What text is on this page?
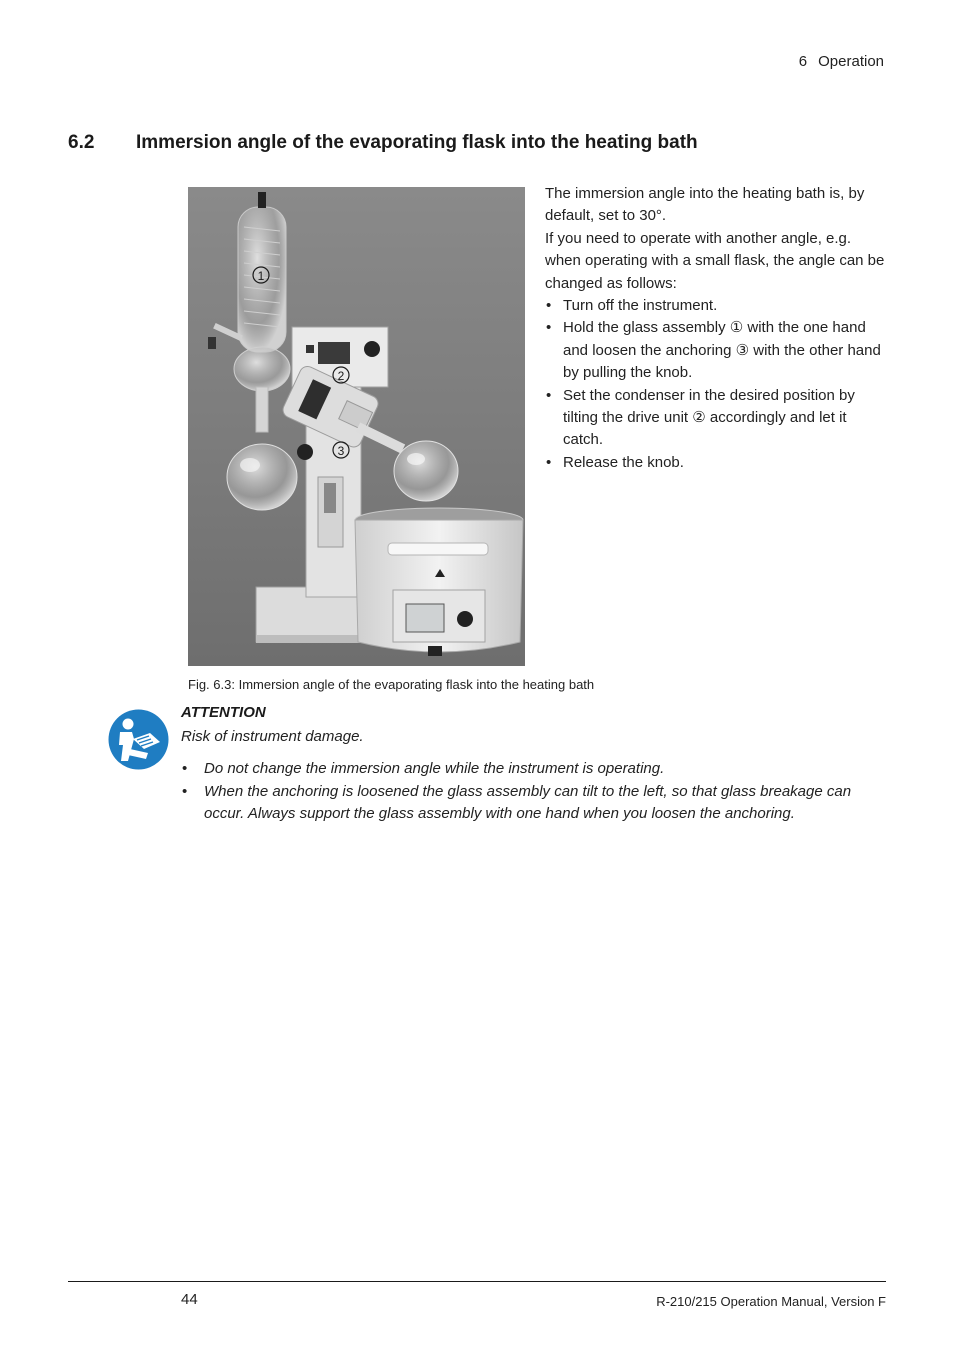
6 Operation
6.2 Immersion angle of the evaporating flask into the heating bath
1
2
3
Fig. 6.3: Immersion angle of the evaporating flask into the heating bath

The immersion angle into the heating bath is, by default, set to 30°.

If you need to operate with another angle, e.g. when operating with a small flask, the angle can be changed as follows:

• Turn off the instrument.
• Hold the glass assembly ① with the one hand and loosen the anchoring ③ with the other hand by pulling the knob.
• Set the condenser in the desired position by tilting the drive unit ② accordingly and let it catch.
• Release the knob.
ATTENTION
Risk of instrument damage.
• Do not change the immersion angle while the instrument is operating.
• When the anchoring is loosened the glass assembly can tilt to the left, so that glass breakage can occur. Always support the glass assembly with one hand when you loosen the anchoring.
44	R-210/215 Operation Manual, Version F
